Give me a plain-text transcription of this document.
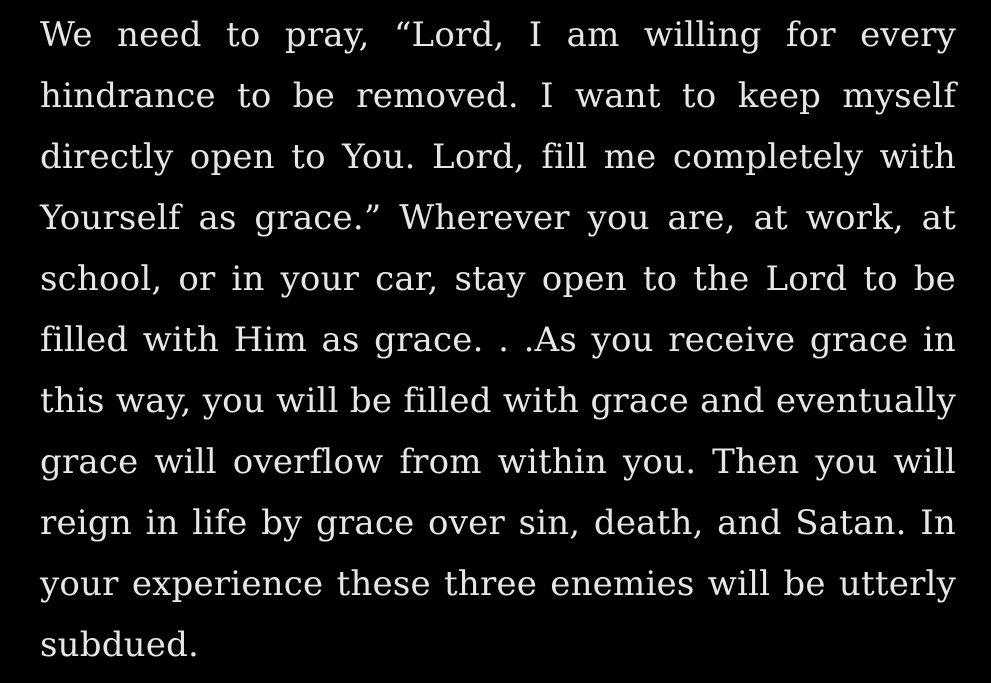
We need to pray, “Lord, I am willing for every
hindrance to be removed. I want to keep myself
directly open to You. Lord, fill me completely with
Yourself as grace.” Wherever you are, at work, at
school, or in your car, stay open to the Lord to be
filled with Him as grace. . .As you receive grace in
this way, you will be filled with grace and eventually
grace will overflow from within you. Then you will
reign in life by grace over sin, death, and Satan. In
your experience these three enemies will be utterly
subdued.
